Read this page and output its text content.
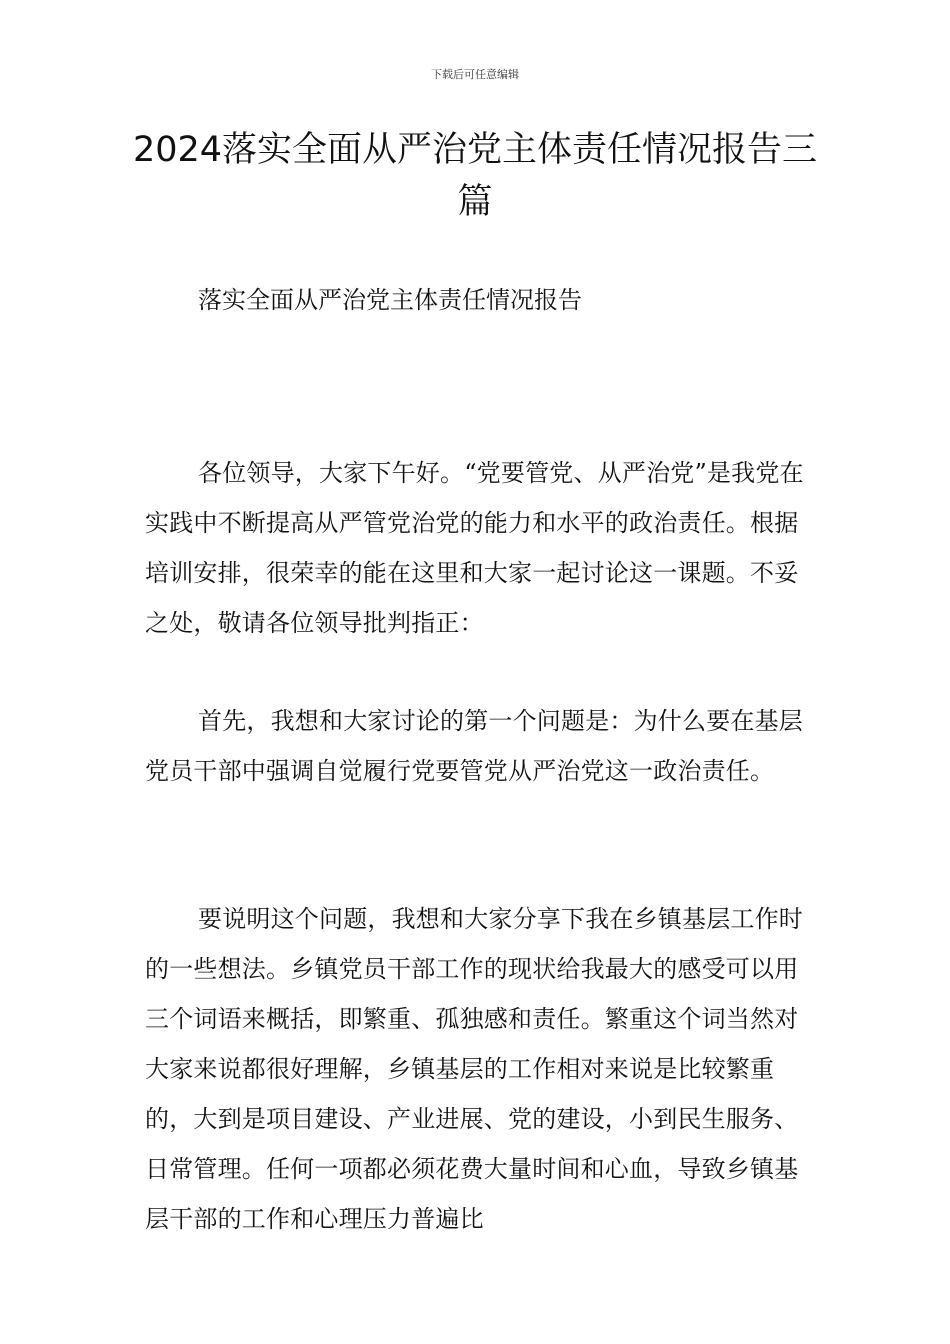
下载后可任意编辑
2024落实全面从严治党主体责任情况报告三篇
落实全面从严治党主体责任情况报告

各位领导，大家下午好。“党要管党、从严治党”是我党在实践中不断提高从严管党治党的能力和水平的政治责任。根据培训安排，很荣幸的能在这里和大家一起讨论这一课题。不妥之处，敬请各位领导批判指正：

首先，我想和大家讨论的第一个问题是：为什么要在基层党员干部中强调自觉履行党要管党从严治党这一政治责任。

要说明这个问题，我想和大家分享下我在乡镇基层工作时的一些想法。乡镇党员干部工作的现状给我最大的感受可以用三个词语来概括，即繁重、孤独感和责任。繁重这个词当然对大家来说都很好理解，乡镇基层的工作相对来说是比较繁重的，大到是项目建设、产业进展、党的建设，小到民生服务、日常管理。任何一项都必须花费大量时间和心血，导致乡镇基层干部的工作和心理压力普遍比
